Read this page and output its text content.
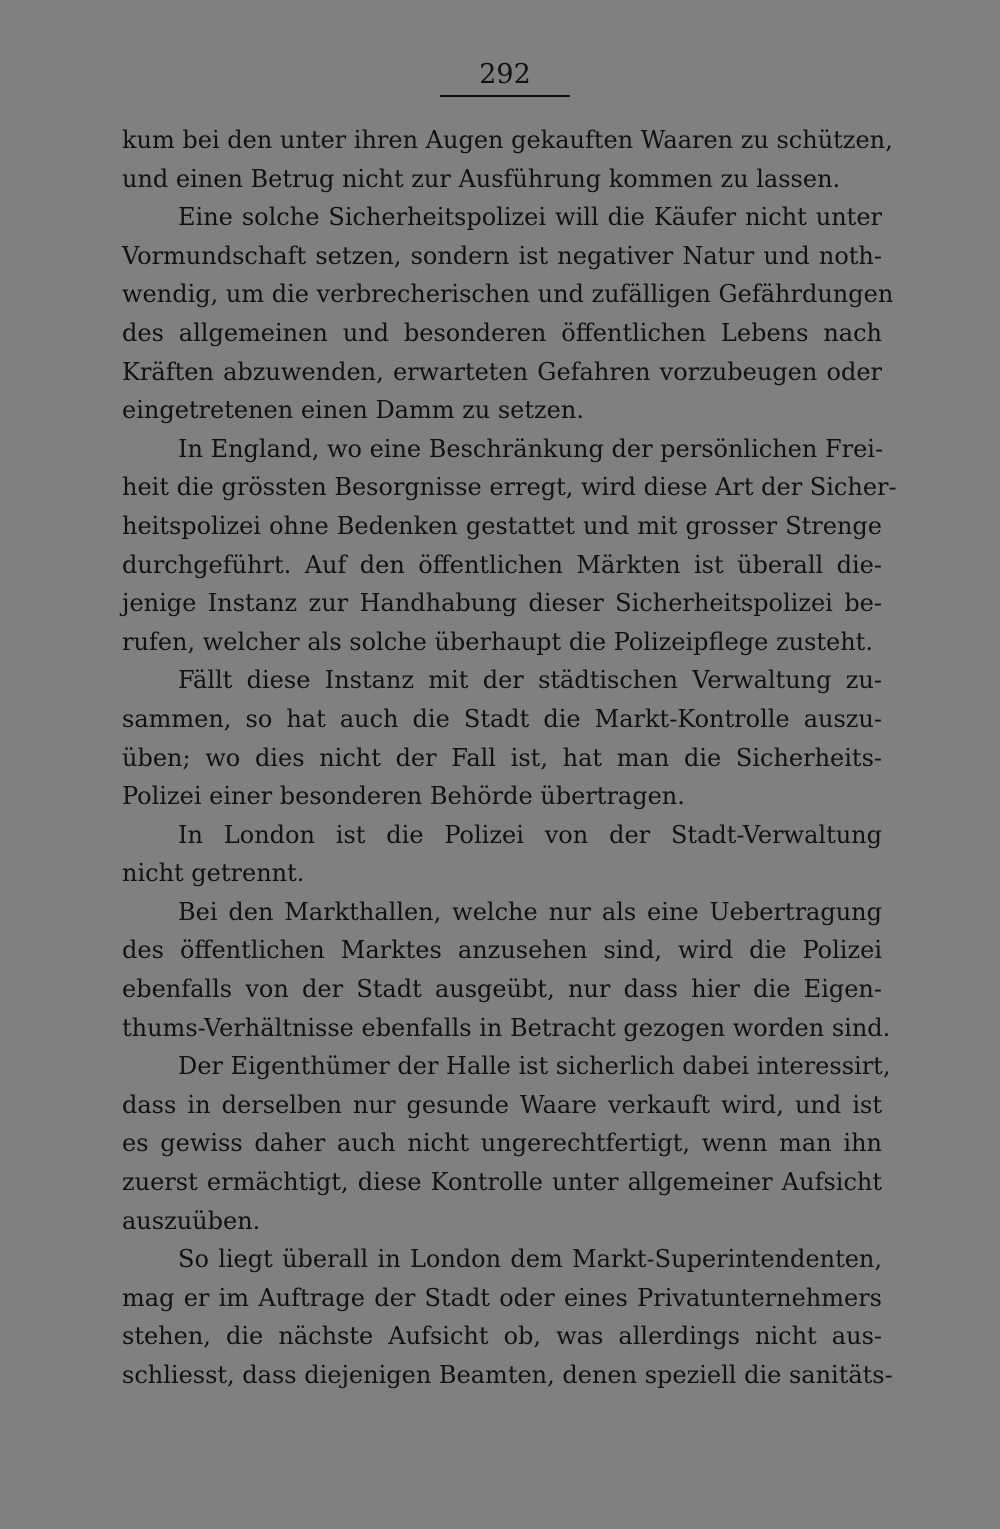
292
kum bei den unter ihren Augen gekauften Waaren zu schützen,
und einen Betrug nicht zur Ausführung kommen zu lassen.
Eine solche Sicherheitspolizei will die Käufer nicht unter
Vormundschaft setzen, sondern ist negativer Natur und noth-
wendig, um die verbrecherischen und zufälligen Gefährdungen
des allgemeinen und besonderen öffentlichen Lebens nach
Kräften abzuwenden, erwarteten Gefahren vorzubeugen oder
eingetretenen einen Damm zu setzen.
In England, wo eine Beschränkung der persönlichen Frei-
heit die grössten Besorgnisse erregt, wird diese Art der Sicher-
heitspolizei ohne Bedenken gestattet und mit grosser Strenge
durchgeführt. Auf den öffentlichen Märkten ist überall die-
jenige Instanz zur Handhabung dieser Sicherheitspolizei be-
rufen, welcher als solche überhaupt die Polizeipflege zusteht.
Fällt diese Instanz mit der städtischen Verwaltung zu-
sammen, so hat auch die Stadt die Markt-Kontrolle auszu-
üben; wo dies nicht der Fall ist, hat man die Sicherheits-
Polizei einer besonderen Behörde übertragen.
In London ist die Polizei von der Stadt-Verwaltung
nicht getrennt.
Bei den Markthallen, welche nur als eine Uebertragung
des öffentlichen Marktes anzusehen sind, wird die Polizei
ebenfalls von der Stadt ausgeübt, nur dass hier die Eigen-
thums-Verhältnisse ebenfalls in Betracht gezogen worden sind.
Der Eigenthümer der Halle ist sicherlich dabei interessirt,
dass in derselben nur gesunde Waare verkauft wird, und ist
es gewiss daher auch nicht ungerechtfertigt, wenn man ihn
zuerst ermächtigt, diese Kontrolle unter allgemeiner Aufsicht
auszuüben.
So liegt überall in London dem Markt-Superintendenten,
mag er im Auftrage der Stadt oder eines Privatunternehmers
stehen, die nächste Aufsicht ob, was allerdings nicht aus-
schliesst, dass diejenigen Beamten, denen speziell die sanitäts-
